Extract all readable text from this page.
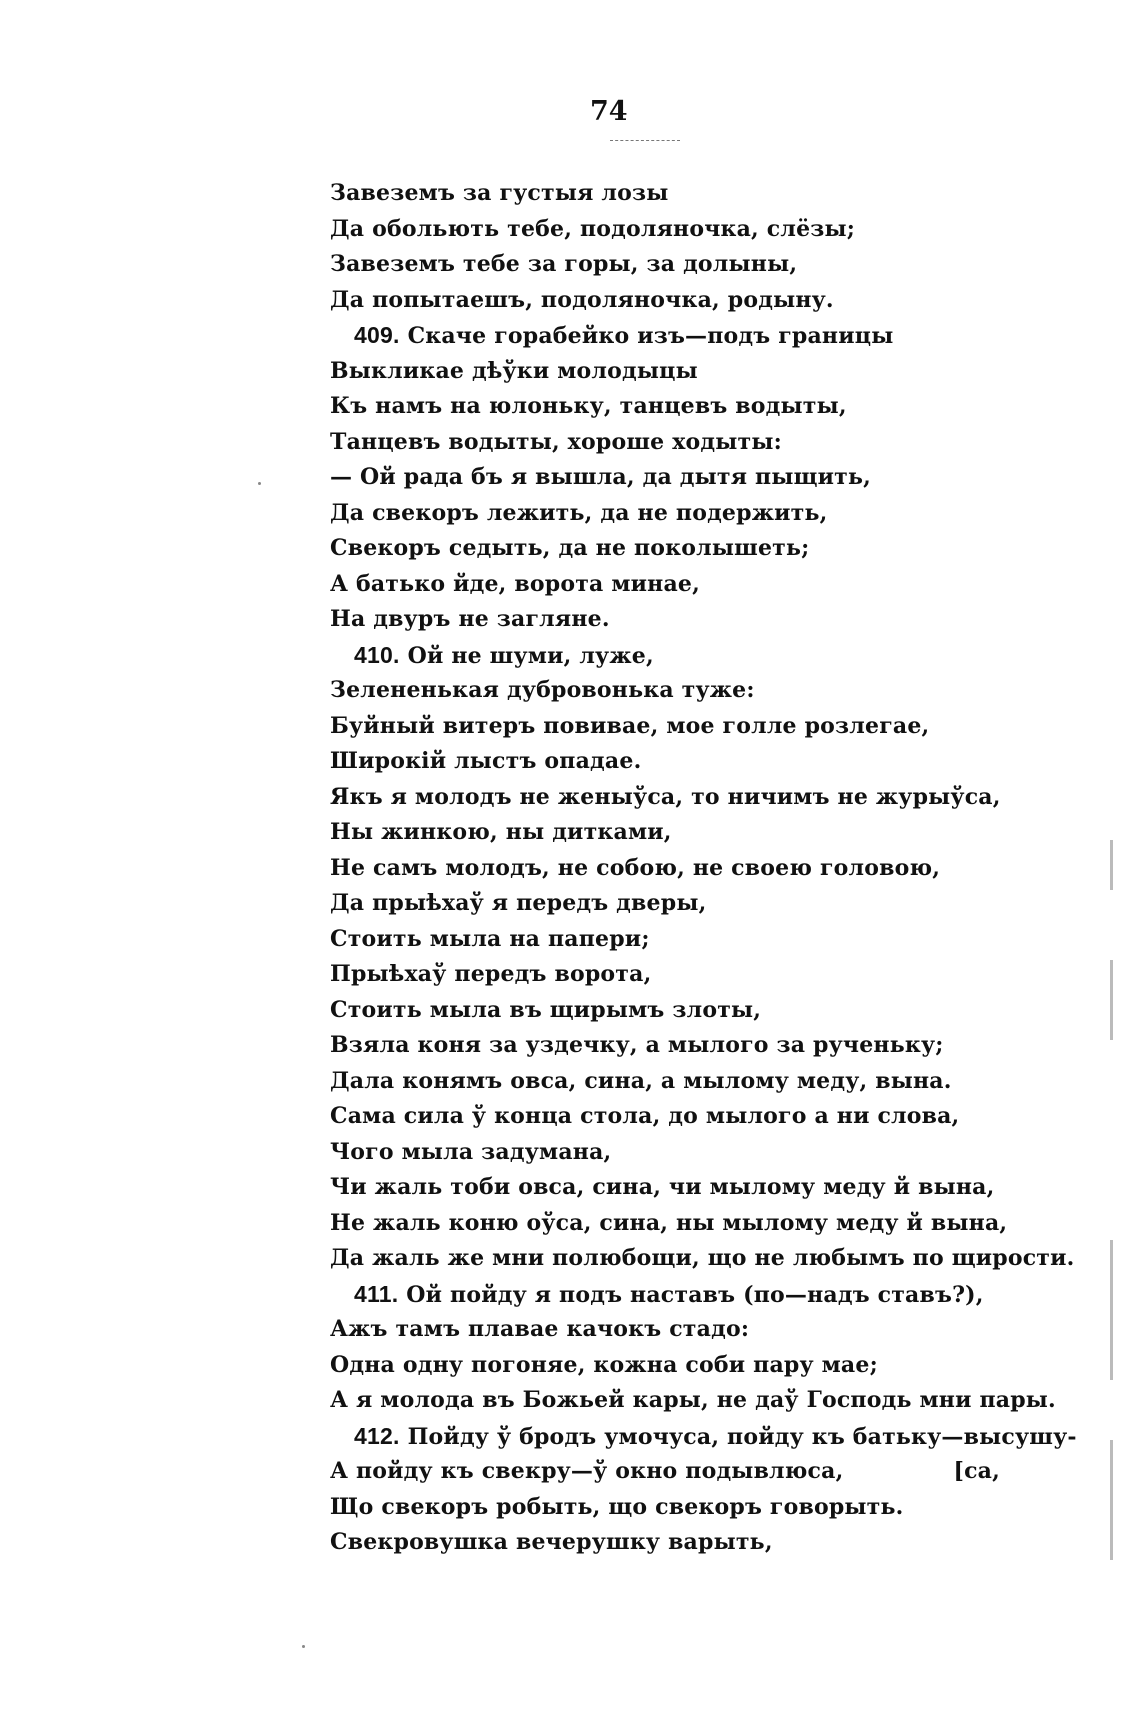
74
Завеземъ за густыя лозы
Да обольють тебе, подоляночка, слёзы;
Завеземъ тебе за горы, за долыны,
Да попытаешъ, подоляночка, родыну.
409. Скаче горабейко изъ—подъ границы
Выкликае дѣўки молодыцы
Къ намъ на юлоньку, танцевъ водыты,
Танцевъ водыты, хороше ходыты:
— Ой рада бъ я вышла, да дытя пыщить,
Да свекоръ лежить, да не подержить,
Свекоръ седыть, да не поколышеть;
А батько йде, ворота минае,
На двуръ не загляне.
410. Ой не шуми, луже,
Зелененькая дубровонька туже:
Буйный витеръ повивае, мое голле розлегае,
Широкій лыстъ опадае.
Якъ я молодъ не женыўса, то ничимъ не журыўса,
Ны жинкою, ны дитками,
Не самъ молодъ, не собою, не своею головою,
Да прыѣхаў я передъ дверы,
Стоить мыла на папери;
Прыѣхаў передъ ворота,
Стоить мыла въ щирымъ злоты,
Взяла коня за уздечку, а мылого за рученьку;
Дала конямъ овса, сина, а мылому меду, вына.
Сама сила ў конца стола, до мылого а ни слова,
Чого мыла задумана,
Чи жаль тоби овса, сина, чи мылому меду й вына,
Не жаль коню оўса, сина, ны мылому меду й вына,
Да жаль же мни полюбощи, що не любымъ по щирости.
411. Ой пойду я подъ наставъ (по—надъ ставъ?),
Ажъ тамъ плавае качокъ стадо:
Одна одну погоняе, кожна соби пару мае;
А я молода въ Божьей кары, не даў Господь мни пары.
412. Пойду ў бродъ умочуса, пойду къ батьку—высушу-
А пойду къ свекру—ў окно подывлюса,	[са,
Що свекоръ робыть, що свекоръ говорыть.
Свекровушка вечерушку варыть,
